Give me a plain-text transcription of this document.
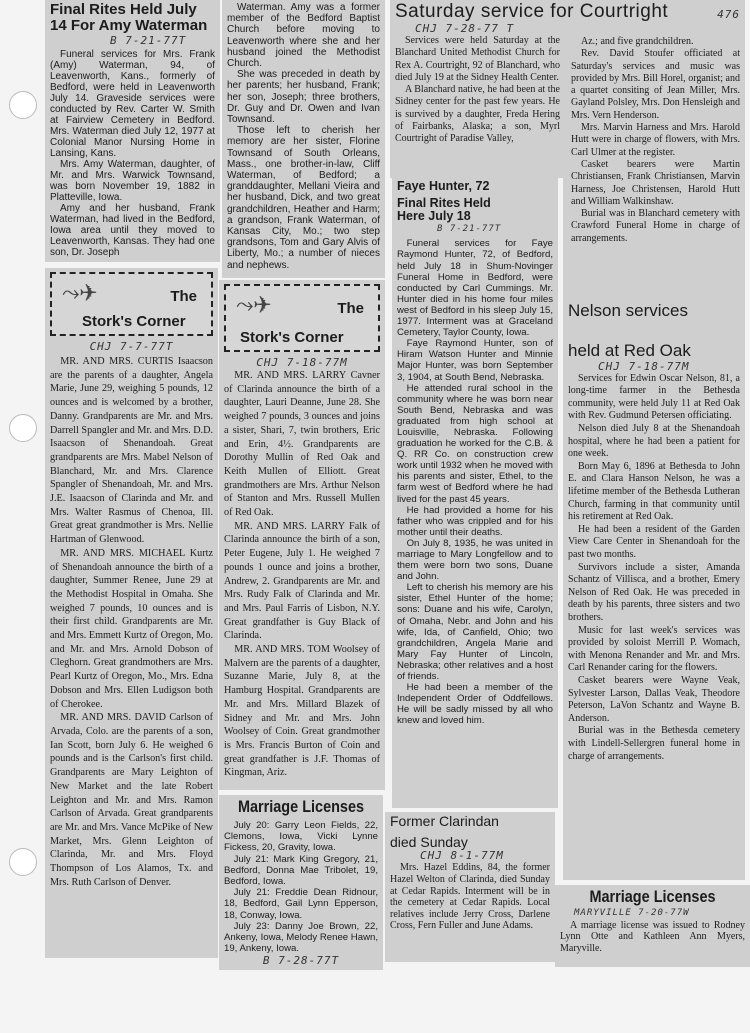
Final Rites Held July 14 For Amy Waterman
B 7-21-77T

Funeral services for Mrs. Frank (Amy) Waterman, 94, of Leavenworth, Kans., formerly of Bedford, were held in Leavenworth July 14. Graveside services were conducted by Rev. Carter W. Smith at Fairview Cemetery in Bedford. Mrs. Waterman died July 12, 1977 at Colonial Manor Nursing Home in Lansing, Kans.

Mrs. Amy Waterman, daughter, of Mr. and Mrs. Warwick Townsand, was born November 19, 1882 in Platteville, Iowa.

Amy and her husband, Frank Waterman, had lived in the Bedford, Iowa area until they moved to Leavenworth, Kansas. They had one son, Dr. Joseph

Waterman. Amy was a former member of the Bedford Baptist Church before moving to Leavenworth where she and her husband joined the Methodist Church.

She was preceded in death by her parents; her husband, Frank; her son, Joseph; three brothers, Dr. Guy and Dr. Owen and Ivan Townsand.

Those left to cherish her memory are her sister, Florine Townsand of South Orleans, Mass., one brother-in-law, Cliff Waterman, of Bedford; a granddaughter, Mellani Vieira and her husband, Dick, and two great grandchildren, Heather and Harm; a grandson, Frank Waterman, of Kansas City, Mo.; two step grandsons, Tom and Gary Alvis of Liberty, Mo.; a number of nieces and nephews.

⤳✈	The
Stork's Corner
CHJ 7-7-77T

MR. AND MRS. CURTIS Isaacson are the parents of a daughter, Angela Marie, June 29, weighing 5 pounds, 12 ounces and is welcomed by a brother, Danny. Grandparents are Mr. and Mrs. Darrell Spangler and Mr. and Mrs. D.D. Isaacson of Shenandoah. Great grandparents are Mrs. Mabel Nelson of Blanchard, Mr. and Mrs. Clarence Spangler of Shenandoah, Mr. and Mrs. J.E. Isaacson of Clarinda and Mr. and Mrs. Walter Rasmus of Chenoa, Ill. Great great grandmother is Mrs. Nellie Hartman of Glenwood.

MR. AND MRS. MICHAEL Kurtz of Shenandoah announce the birth of a daughter, Summer Renee, June 29 at the Methodist Hospital in Omaha. She weighed 7 pounds, 10 ounces and is their first child. Grandparents are Mr. and Mrs. Emmett Kurtz of Oregon, Mo. and Mr. and Mrs. Arnold Dobson of Cleghorn. Great grandmothers are Mrs. Pearl Kurtz of Oregon, Mo., Mrs. Edna Dobson and Mrs. Ellen Ludigson both of Cherokee.

MR. AND MRS. DAVID Carlson of Arvada, Colo. are the parents of a son, Ian Scott, born July 6. He weighed 6 pounds and is the Carlson's first child. Grandparents are Mary Leighton of New Market and the late Robert Leighton and Mr. and Mrs. Ramon Carlson of Arvada. Great grandparents are Mr. and Mrs. Vance McPike of New Market, Mrs. Glenn Leighton of Clarinda, Mr. and Mrs. Floyd Thompson of Los Alamos, Tx. and Mrs. Ruth Carlson of Denver.

⤳✈	The
Stork's Corner
CHJ 7-18-77M

MR. AND MRS. LARRY Cavner of Clarinda announce the birth of a daughter, Lauri Deanne, June 28. She weighed 7 pounds, 3 ounces and joins a sister, Shari, 7, twin brothers, Eric and Erin, 4½. Grandparents are Dorothy Mullin of Red Oak and Keith Mullen of Elliott. Great grandmothers are Mrs. Arthur Nelson of Stanton and Mrs. Russell Mullen of Red Oak.

MR. AND MRS. LARRY Falk of Clarinda announce the birth of a son, Peter Eugene, July 1. He weighed 7 pounds 1 ounce and joins a brother, Andrew, 2. Grandparents are Mr. and Mrs. Rudy Falk of Clarinda and Mr. and Mrs. Paul Farris of Lisbon, N.Y. Great grandfather is Guy Black of Clarinda.

MR. AND MRS. TOM Woolsey of Malvern are the parents of a daughter, Suzanne Marie, July 8, at the Hamburg Hospital. Grandparents are Mr. and Mrs. Millard Blazek of Sidney and Mr. and Mrs. John Woolsey of Coin. Great grandmother is Mrs. Francis Burton of Coin and great grandfather is J.F. Thomas of Kingman, Ariz.

Saturday service for Courtright	476
CHJ 7-28-77 T

Services were held Saturday at the Blanchard United Methodist Church for Rex A. Courtright, 92 of Blanchard, who died July 19 at the Sidney Health Center.

A Blanchard native, he had been at the Sidney center for the past few years. He is survived by a daughter, Freda Hering of Fairbanks, Alaska; a son, Myrl Courtright of Paradise Valley,

Az.; and five grandchildren.

Rev. David Stoufer officiated at Saturday's services and music was provided by Mrs. Bill Horel, organist; and a quartet consiting of Jean Miller, Mrs. Gayland Polsley, Mrs. Don Hensleigh and Mrs. Vern Henderson.

Mrs. Marvin Harness and Mrs. Harold Hutt were in charge of flowers, with Mrs. Carl Ulmer at the register.

Casket bearers were Martin Christiansen, Frank Christiansen, Marvin Harness, Joe Christensen, Harold Hutt and William Walkinshaw.

Burial was in Blanchard cemetery with Crawford Funeral Home in charge of arrangements.

Faye Hunter, 72
Final Rites Held Here July 18
B 7-21-77T

Funeral services for Faye Raymond Hunter, 72, of Bedford, held July 18 in Shum-Novinger Funeral Home in Bedford, were conducted by Carl Cummings. Mr. Hunter died in his home four miles west of Bedford in his sleep July 15, 1977. Interment was at Graceland Cemetery, Taylor County, Iowa.

Faye Raymond Hunter, son of Hiram Watson Hunter and Minnie Major Hunter, was born September 3, 1904, at South Bend, Nebraska.

He attended rural school in the community where he was born near South Bend, Nebraska and was graduated from high school at Louisville, Nebraska. Following graduation he worked for the C.B. & Q. RR Co. on construction crew work until 1932 when he moved with his parents and sister, Ethel, to the farm west of Bedford where he had lived for the past 45 years.

He had provided a home for his father who was crippled and for his mother until their deaths.

On July 8, 1935, he was united in marriage to Mary Longfellow and to them were born two sons, Duane and John.

Left to cherish his memory are his sister, Ethel Hunter of the home; sons: Duane and his wife, Carolyn, of Omaha, Nebr. and John and his wife, Ida, of Canfield, Ohio; two grandchildren, Angela Marie and Mary Fay Hunter of Lincoln, Nebraska; other relatives and a host of friends.

He had been a member of the Independent Order of Oddfellows. He will be sadly missed by all who knew and loved him.

Nelson services
held at Red Oak
CHJ 7-18-77M

Services for Edwin Oscar Nelson, 81, a long-time farmer in the Bethesda community, were held July 11 at Red Oak with Rev. Gudmund Petersen officiating.

Nelson died July 8 at the Shenandoah hospital, where he had been a patient for one week.

Born May 6, 1896 at Bethesda to John E. and Clara Hanson Nelson, he was a lifetime member of the Bethesda Lutheran Church, farming in that community until his retirement at Red Oak.

He had been a resident of the Garden View Care Center in Shenandoah for the past two months.

Survivors include a sister, Amanda Schantz of Villisca, and a brother, Emery Nelson of Red Oak. He was preceded in death by his parents, three sisters and two brothers.

Music for last week's services was provided by soloist Merrill P. Womach, with Menona Renander and Mr. and Mrs. Carl Renander caring for the flowers.

Casket bearers were Wayne Veak, Sylvester Larson, Dallas Veak, Theodore Peterson, LaVon Schantz and Wayne B. Anderson.

Burial was in the Bethesda cemetery with Lindell-Sellergren funeral home in charge of arrangements.

Marriage Licenses

July 20: Garry Leon Fields, 22, Clemons, Iowa, Vicki Lynne Fickess, 20, Gravity, Iowa.

July 21: Mark King Gregory, 21, Bedford, Donna Mae Tribolet, 19, Bedford, Iowa.

July 21: Freddie Dean Ridnour, 18, Bedford, Gail Lynn Epperson, 18, Conway, Iowa.

July 23: Danny Joe Brown, 22, Ankeny, Iowa, Melody Renee Hawn, 19, Ankeny, Iowa.

B 7-28-77T
Former Clarindan
died Sunday
CHJ 8-1-77M

Mrs. Hazel Eddins, 84, the former Hazel Welton of Clarinda, died Sunday at Cedar Rapids. Interment will be in the cemetery at Cedar Rapids. Local relatives include Jerry Cross, Darlene Cross, Fern Fuller and June Adams.

Marriage Licenses
MARYVILLE 7-20-77W

A marriage license was issued to Rodney Lynn Otte and Kathleen Ann Myers, Maryville.
